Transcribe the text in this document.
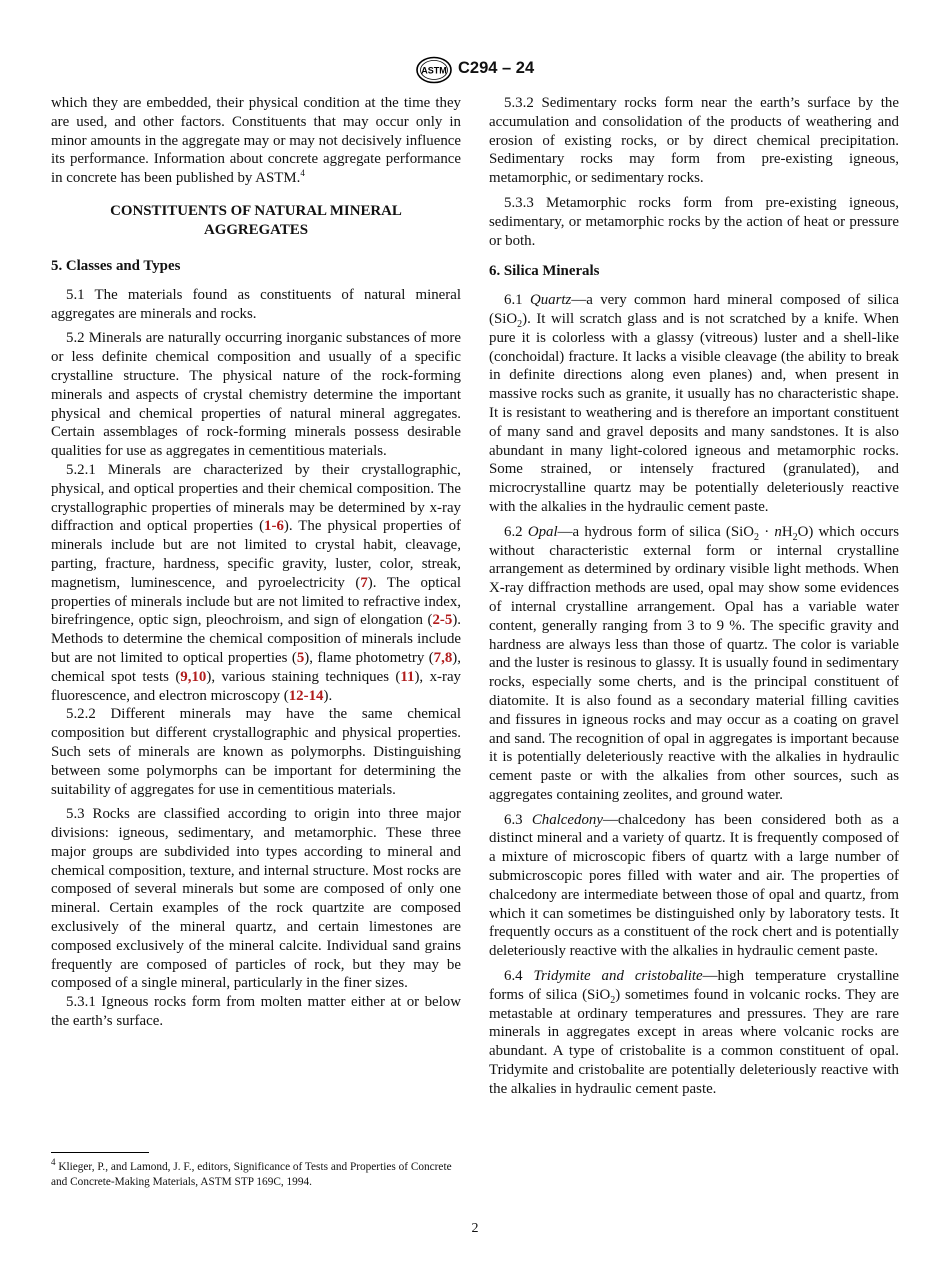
ASTM C294 – 24

which they are embedded, their physical condition at the time they are used, and other factors. Constituents that may occur only in minor amounts in the aggregate may or may not decisively influence its performance. Information about concrete aggregate performance in concrete has been published by ASTM.$^4$

CONSTITUENTS OF NATURAL MINERAL AGGREGATES
5. Classes and Types

5.1 The materials found as constituents of natural mineral aggregates are minerals and rocks.

5.2 Minerals are naturally occurring inorganic substances of more or less definite chemical composition and usually of a specific crystalline structure. The physical nature of the rock-forming minerals and aspects of crystal chemistry determine the important physical and chemical properties of natural mineral aggregates. Certain assemblages of rock-forming minerals possess desirable qualities for use as aggregates in cementitious materials.

5.2.1 Minerals are characterized by their crystallographic, physical, and optical properties and their chemical composition. The crystallographic properties of minerals may be determined by x-ray diffraction and optical properties (1-6). The physical properties of minerals include but are not limited to crystal habit, cleavage, parting, fracture, hardness, specific gravity, luster, color, streak, magnetism, luminescence, and pyroelectricity (7). The optical properties of minerals include but are not limited to refractive index, birefringence, optic sign, pleochroism, and sign of elongation (2-5). Methods to determine the chemical composition of minerals include but are not limited to optical properties (5), flame photometry (7,8), chemical spot tests (9,10), various staining techniques (11), x-ray fluorescence, and electron microscopy (12-14).

5.2.2 Different minerals may have the same chemical composition but different crystallographic and physical properties. Such sets of minerals are known as polymorphs. Distinguishing between some polymorphs can be important for determining the suitability of aggregates for use in cementitious materials.

5.3 Rocks are classified according to origin into three major divisions: igneous, sedimentary, and metamorphic. These three major groups are subdivided into types according to mineral and chemical composition, texture, and internal structure. Most rocks are composed of several minerals but some are composed of only one mineral. Certain examples of the rock quartzite are composed exclusively of the mineral quartz, and certain limestones are composed exclusively of the mineral calcite. Individual sand grains frequently are composed of particles of rock, but they may be composed of a single mineral, particularly in the finer sizes.

5.3.1 Igneous rocks form from molten matter either at or below the earth’s surface.

$^4$ Klieger, P., and Lamond, J. F., editors, Significance of Tests and Properties of Concrete and Concrete-Making Materials, ASTM STP 169C, 1994.

5.3.2 Sedimentary rocks form near the earth’s surface by the accumulation and consolidation of the products of weathering and erosion of existing rocks, or by direct chemical precipitation. Sedimentary rocks may form from pre-existing igneous, metamorphic, or sedimentary rocks.

5.3.3 Metamorphic rocks form from pre-existing igneous, sedimentary, or metamorphic rocks by the action of heat or pressure or both.

6. Silica Minerals

6.1 Quartz—a very common hard mineral composed of silica (SiO$_2$). It will scratch glass and is not scratched by a knife. When pure it is colorless with a glassy (vitreous) luster and a shell-like (conchoidal) fracture. It lacks a visible cleavage (the ability to break in definite directions along even planes) and, when present in massive rocks such as granite, it usually has no characteristic shape. It is resistant to weathering and is therefore an important constituent of many sand and gravel deposits and many sandstones. It is also abundant in many light-colored igneous and metamorphic rocks. Some strained, or intensely fractured (granulated), and microcrystalline quartz may be potentially deleteriously reactive with the alkalies in the hydraulic cement paste.

6.2 Opal—a hydrous form of silica $(SiO_2 \cdot nH_2O)$ which occurs without characteristic external form or internal crystalline arrangement as determined by ordinary visible light methods. When X-ray diffraction methods are used, opal may show some evidences of internal crystalline arrangement. Opal has a variable water content, generally ranging from 3 to 9 %. The specific gravity and hardness are always less than those of quartz. The color is variable and the luster is resinous to glassy. It is usually found in sedimentary rocks, especially some cherts, and is the principal constituent of diatomite. It is also found as a secondary material filling cavities and fissures in igneous rocks and may occur as a coating on gravel and sand. The recognition of opal in aggregates is important because it is potentially deleteriously reactive with the alkalies in hydraulic cement paste or with the alkalies from other sources, such as aggregates containing zeolites, and ground water.

6.3 Chalcedony—chalcedony has been considered both as a distinct mineral and a variety of quartz. It is frequently composed of a mixture of microscopic fibers of quartz with a large number of submicroscopic pores filled with water and air. The properties of chalcedony are intermediate between those of opal and quartz, from which it can sometimes be distinguished only by laboratory tests. It frequently occurs as a constituent of the rock chert and is potentially deleteriously reactive with the alkalies in hydraulic cement paste.

6.4 Tridymite and cristobalite—high temperature crystalline forms of silica (SiO$_2$) sometimes found in volcanic rocks. They are metastable at ordinary temperatures and pressures. They are rare minerals in aggregates except in areas where volcanic rocks are abundant. A type of cristobalite is a common constituent of opal. Tridymite and cristobalite are potentially deleteriously reactive with the alkalies in hydraulic cement paste.

2
